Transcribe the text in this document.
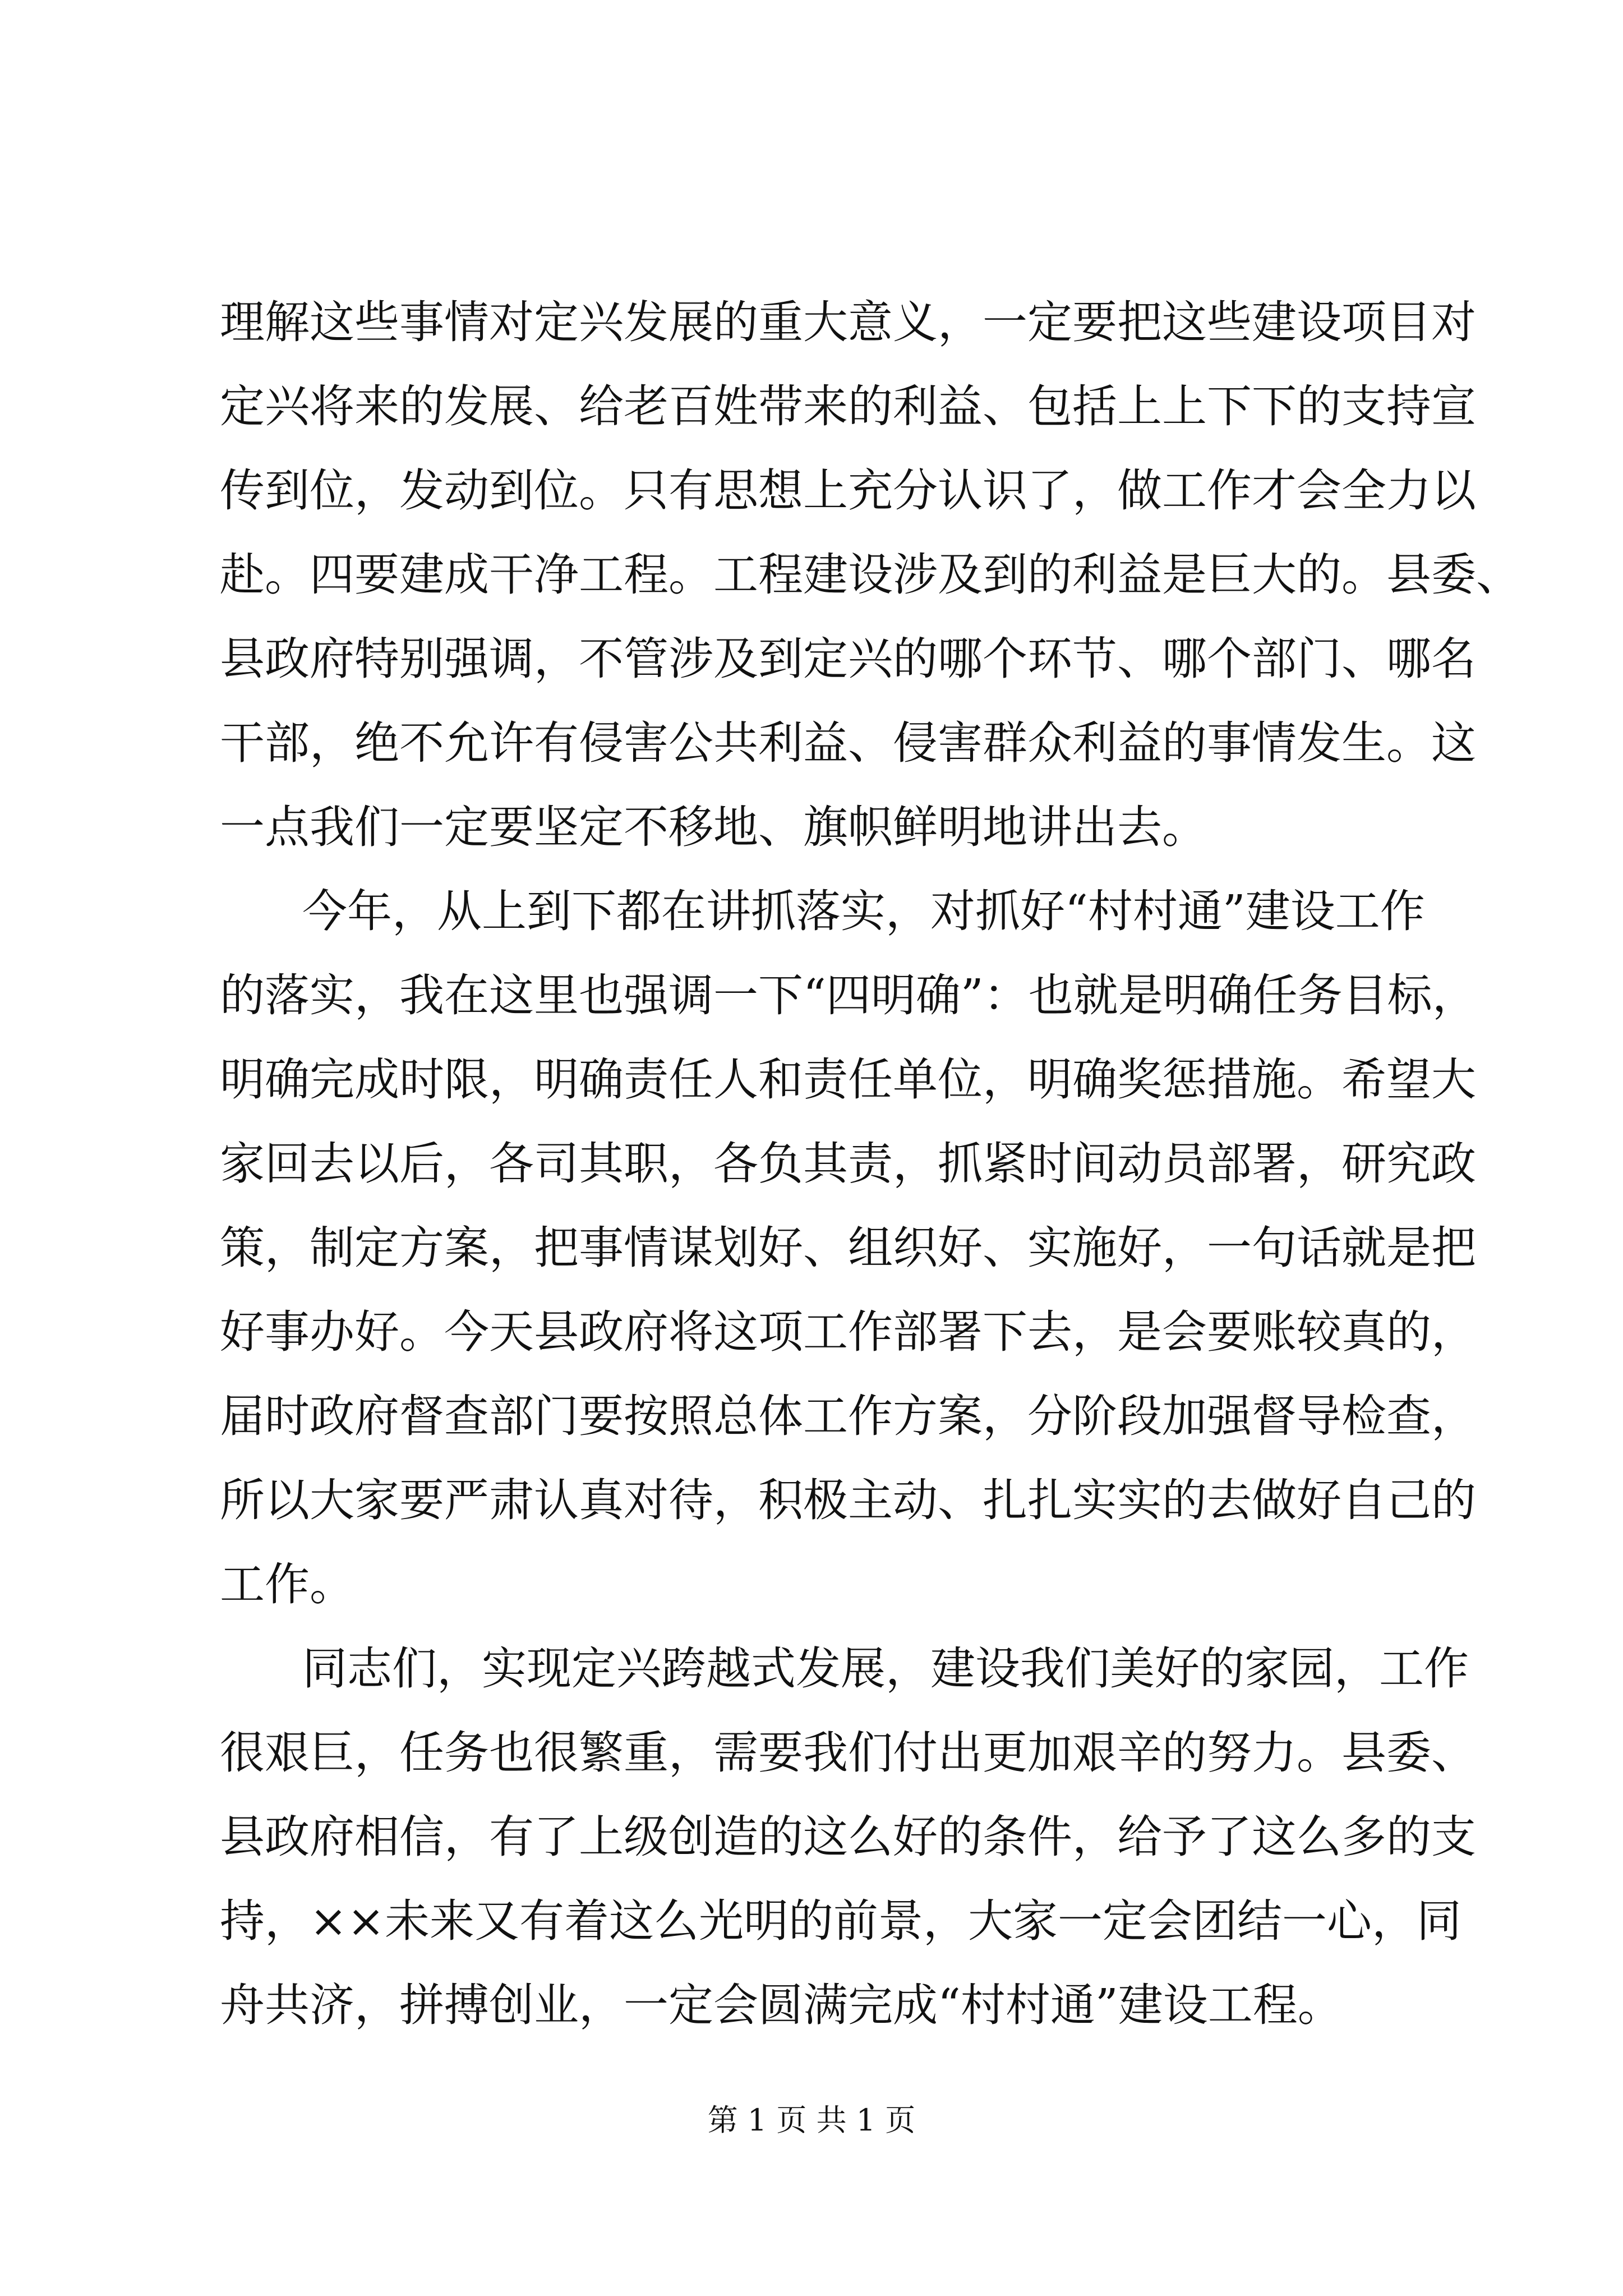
理解这些事情对定兴发展的重大意义，一定要把这些建设项目对
定兴将来的发展、给老百姓带来的利益、包括上上下下的支持宣
传到位，发动到位。只有思想上充分认识了，做工作才会全力以
赴。四要建成干净工程。工程建设涉及到的利益是巨大的。县委、
县政府特别强调，不管涉及到定兴的哪个环节、哪个部门、哪名
干部，绝不允许有侵害公共利益、侵害群众利益的事情发生。这
一点我们一定要坚定不移地、旗帜鲜明地讲出去。
今年，从上到下都在讲抓落实，对抓好“村村通”建设工作
的落实，我在这里也强调一下“四明确”：也就是明确任务目标，
明确完成时限，明确责任人和责任单位，明确奖惩措施。希望大
家回去以后，各司其职，各负其责，抓紧时间动员部署，研究政
策，制定方案，把事情谋划好、组织好、实施好，一句话就是把
好事办好。今天县政府将这项工作部署下去，是会要账较真的，
届时政府督查部门要按照总体工作方案，分阶段加强督导检查，
所以大家要严肃认真对待，积极主动、扎扎实实的去做好自己的
工作。
同志们，实现定兴跨越式发展，建设我们美好的家园，工作
很艰巨，任务也很繁重，需要我们付出更加艰辛的努力。县委、
县政府相信，有了上级创造的这么好的条件，给予了这么多的支
持，××未来又有着这么光明的前景，大家一定会团结一心，同
舟共济，拼搏创业，一定会圆满完成“村村通”建设工程。
第 1 页 共 1 页
